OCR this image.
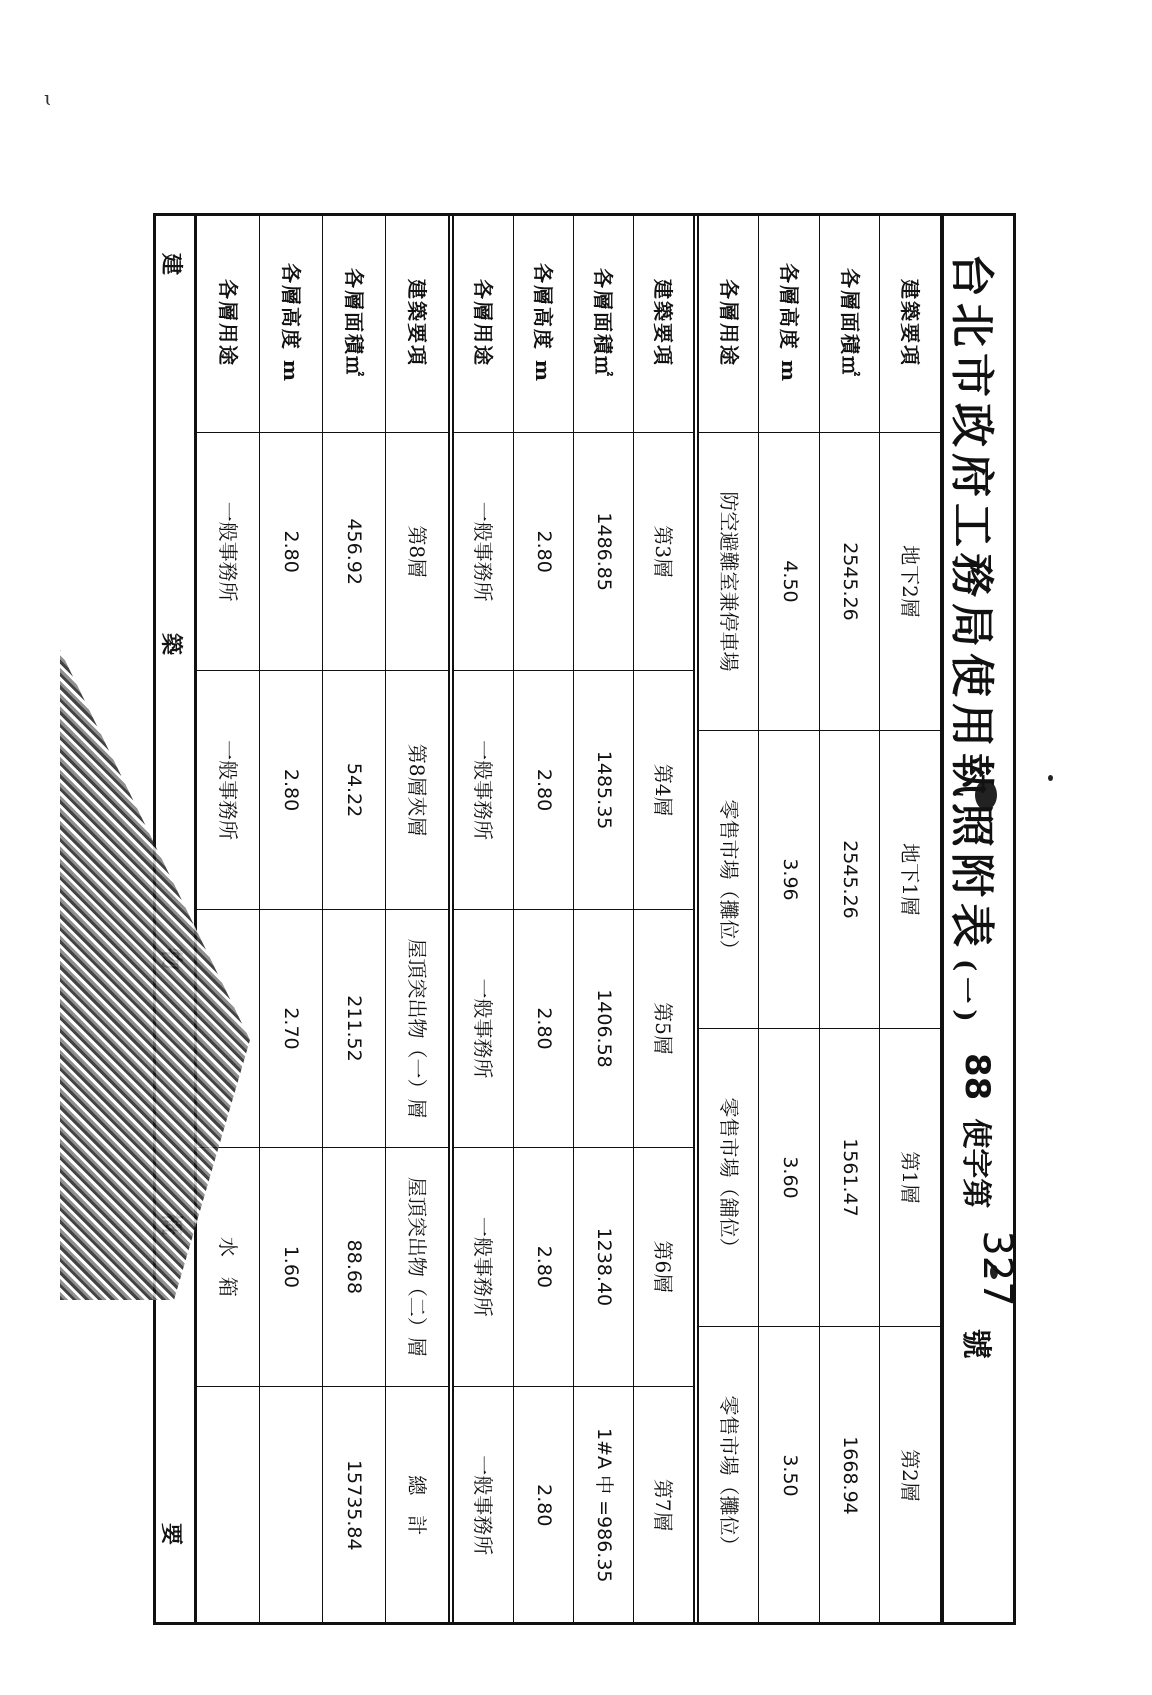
ɩ
台北市政府工務局使用執照附表(一)
88使字第327號
建築要項	地下2層	地下1層	第1層	第2層
各層面積㎡	2545.26	2545.26	1561.47	1668.94
各層高度 m	4.50	3.96	3.60	3.50
各層用途	防空避難室兼停車場	零售市場（攤位）	零售市場（舖位）	零售市場（攤位）
建築要項	第3層	第4層	第5層	第6層	第7層
各層面積㎡	1486.85	1485.35	1406.58	1238.40	1#A 中 =986.35
各層高度 m	2.80	2.80	2.80	2.80	2.80
各層用途	一般事務所	一般事務所	一般事務所	一般事務所	一般事務所
建築要項	第8層	第8層夾層	屋頂突出物（一）層	屋頂突出物（二）層	總　計
各層面積㎡	456.92	54.22	211.52	88.68	15735.84
各層高度 m	2.80	2.80	2.70	1.60	
各層用途	一般事務所	一般事務所		水　箱	
建
築
要
